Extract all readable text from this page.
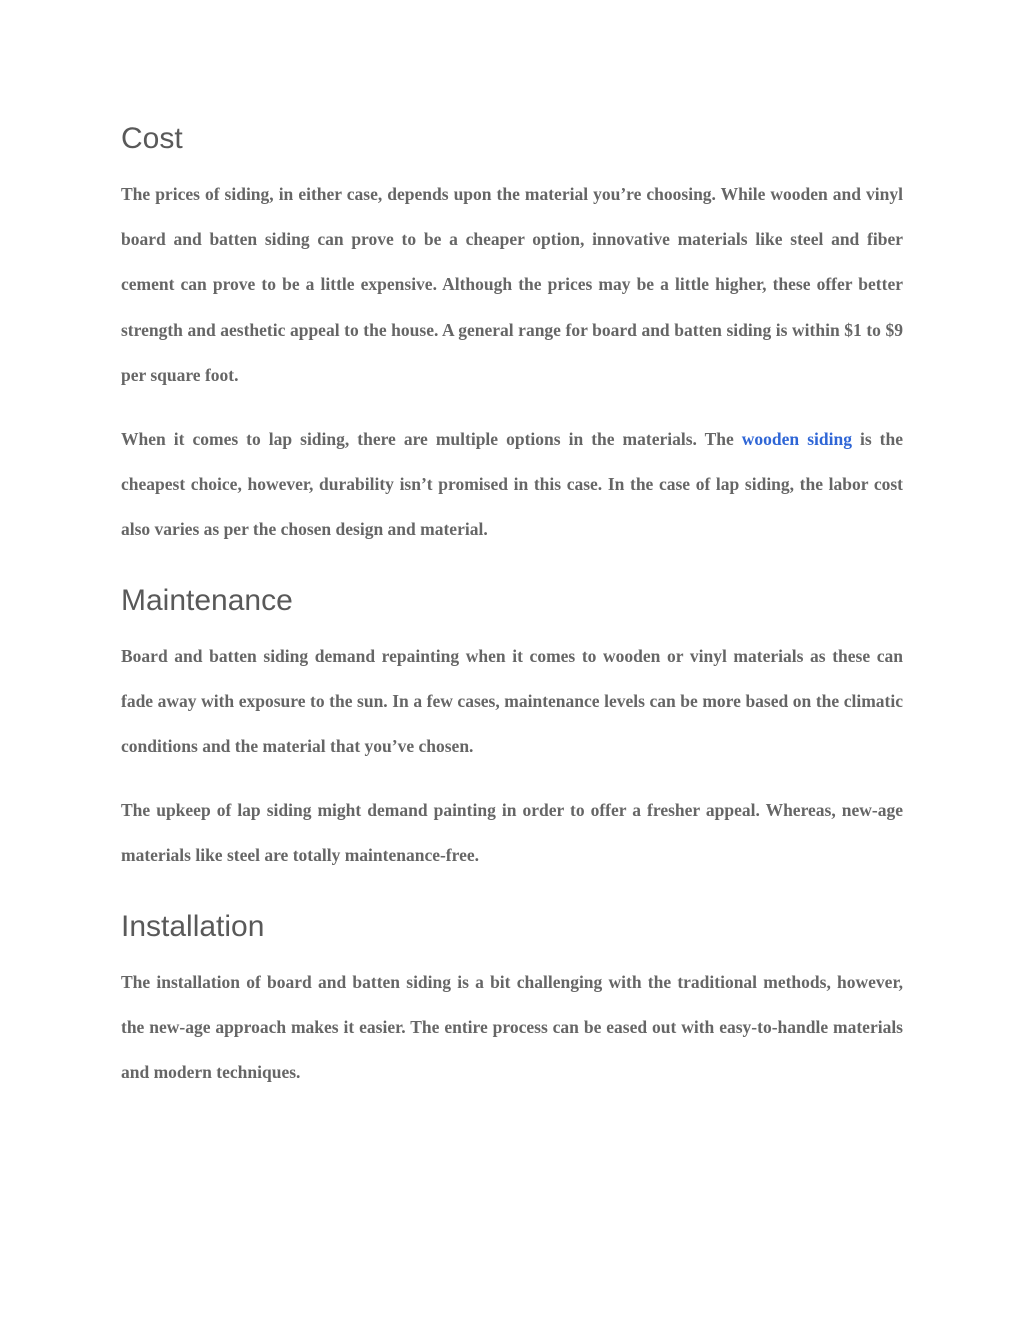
Cost

The prices of siding, in either case, depends upon the material you’re choosing. While wooden and vinyl board and batten siding can prove to be a cheaper option, innovative materials like steel and fiber cement can prove to be a little expensive. Although the prices may be a little higher, these offer better strength and aesthetic appeal to the house. A general range for board and batten siding is within $1 to $9 per square foot.

When it comes to lap siding, there are multiple options in the materials. The wooden siding is the cheapest choice, however, durability isn’t promised in this case. In the case of lap siding, the labor cost also varies as per the chosen design and material.

Maintenance

Board and batten siding demand repainting when it comes to wooden or vinyl materials as these can fade away with exposure to the sun. In a few cases, maintenance levels can be more based on the climatic conditions and the material that you’ve chosen.

The upkeep of lap siding might demand painting in order to offer a fresher appeal. Whereas, new-age materials like steel are totally maintenance-free.

Installation

The installation of board and batten siding is a bit challenging with the traditional methods, however, the new-age approach makes it easier. The entire process can be eased out with easy-to-handle materials and modern techniques.
